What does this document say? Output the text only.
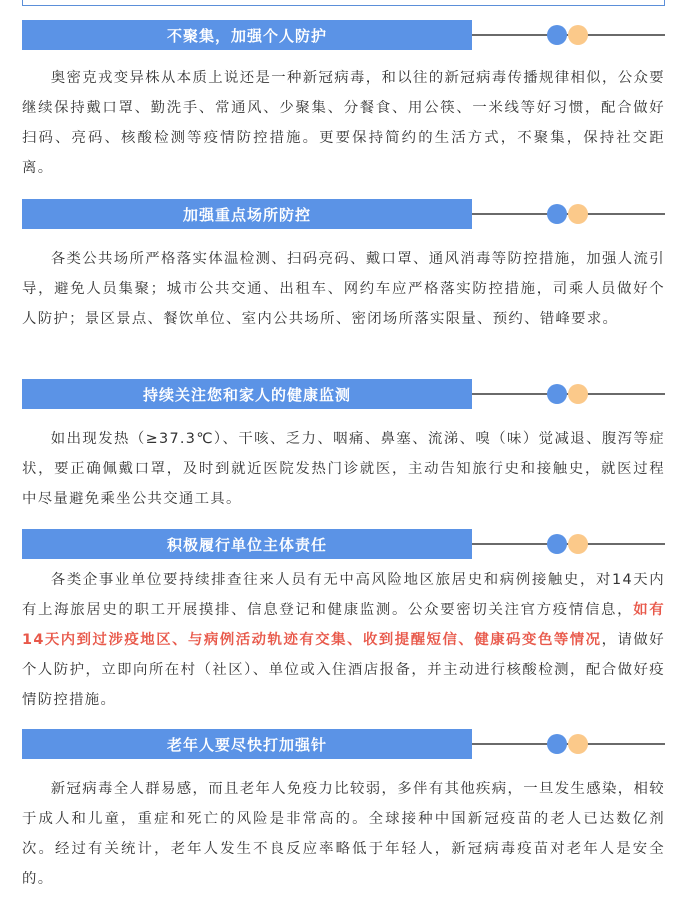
不聚集，加强个人防护

奥密克戎变异株从本质上说还是一种新冠病毒，和以往的新冠病毒传播规律相似，公众要继续保持戴口罩、勤洗手、常通风、少聚集、分餐食、用公筷、一米线等好习惯，配合做好扫码、亮码、核酸检测等疫情防控措施。更要保持简约的生活方式，不聚集，保持社交距离。

加强重点场所防控

各类公共场所严格落实体温检测、扫码亮码、戴口罩、通风消毒等防控措施，加强人流引导，避免人员集聚；城市公共交通、出租车、网约车应严格落实防控措施，司乘人员做好个人防护；景区景点、餐饮单位、室内公共场所、密闭场所落实限量、预约、错峰要求。

持续关注您和家人的健康监测

如出现发热（≥37.3℃）、干咳、乏力、咽痛、鼻塞、流涕、嗅（味）觉减退、腹泻等症状，要正确佩戴口罩，及时到就近医院发热门诊就医，主动告知旅行史和接触史，就医过程中尽量避免乘坐公共交通工具。

积极履行单位主体责任

各类企事业单位要持续排查往来人员有无中高风险地区旅居史和病例接触史，对14天内有上海旅居史的职工开展摸排、信息登记和健康监测。公众要密切关注官方疫情信息，如有14天内到过涉疫地区、与病例活动轨迹有交集、收到提醒短信、健康码变色等情况，请做好个人防护，立即向所在村（社区）、单位或入住酒店报备，并主动进行核酸检测，配合做好疫情防控措施。

老年人要尽快打加强针

新冠病毒全人群易感，而且老年人免疫力比较弱，多伴有其他疾病，一旦发生感染，相较于成人和儿童，重症和死亡的风险是非常高的。全球接种中国新冠疫苗的老人已达数亿剂次。经过有关统计，老年人发生不良反应率略低于年轻人，新冠病毒疫苗对老年人是安全的。
